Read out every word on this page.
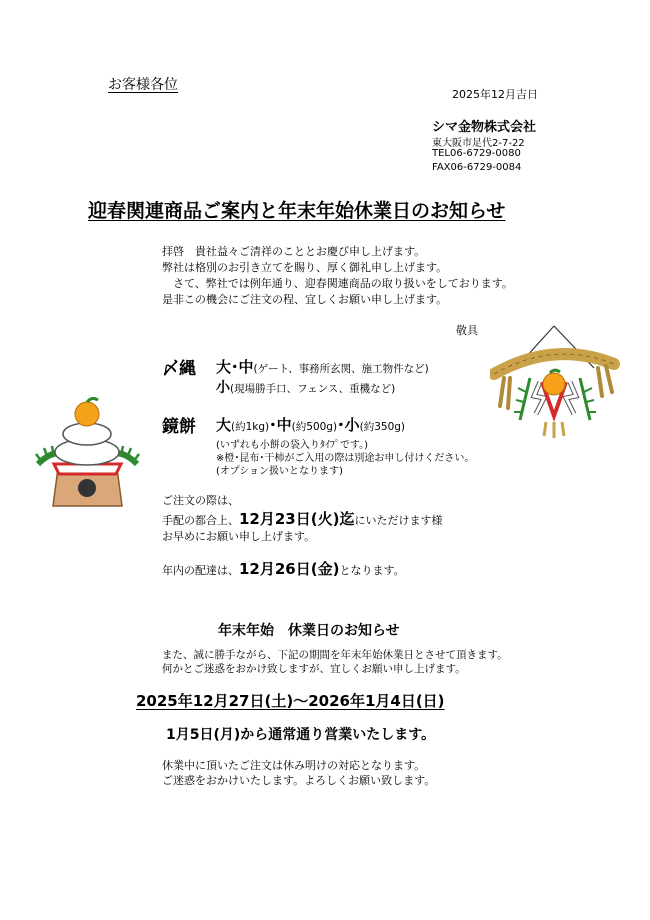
お客様各位
2025年12月吉日
シマ金物株式会社
東大阪市足代2-7-22
TEL06-6729-0080
FAX06-6729-0084
迎春関連商品ご案内と年末年始休業日のお知らせ
拝啓　貴社益々ご清祥のこととお慶び申し上げます。
弊社は格別のお引き立てを賜り、厚く御礼申し上げます。
　さて、弊社では例年通り、迎春関連商品の取り扱いをしております。
是非この機会にご注文の程、宜しくお願い申し上げます。
敬具
〆縄 大･中(ゲート、事務所玄関、施工物件など)
小(現場勝手口、フェンス、重機など)
鏡餅 大(約1kg)･中(約500g)･小(約350g)
(いずれも小餅の袋入りﾀｲﾌﾟです。)
※橙･昆布･干柿がご入用の際は別途お申し付けください。
(オプション扱いとなります)
ご注文の際は、
手配の都合上、12月23日(火)迄にいただけます様
お早めにお願い申し上げます。
年内の配達は、12月26日(金)となります。
年末年始　休業日のお知らせ
また、誠に勝手ながら、下記の期間を年末年始休業日とさせて頂きます。
何かとご迷惑をおかけ致しますが、宜しくお願い申し上げます。
2025年12月27日(土)～2026年1月4日(日)
1月5日(月)から通常通り営業いたします。
休業中に頂いたご注文は休み明けの対応となります。
ご迷惑をおかけいたします。よろしくお願い致します。
